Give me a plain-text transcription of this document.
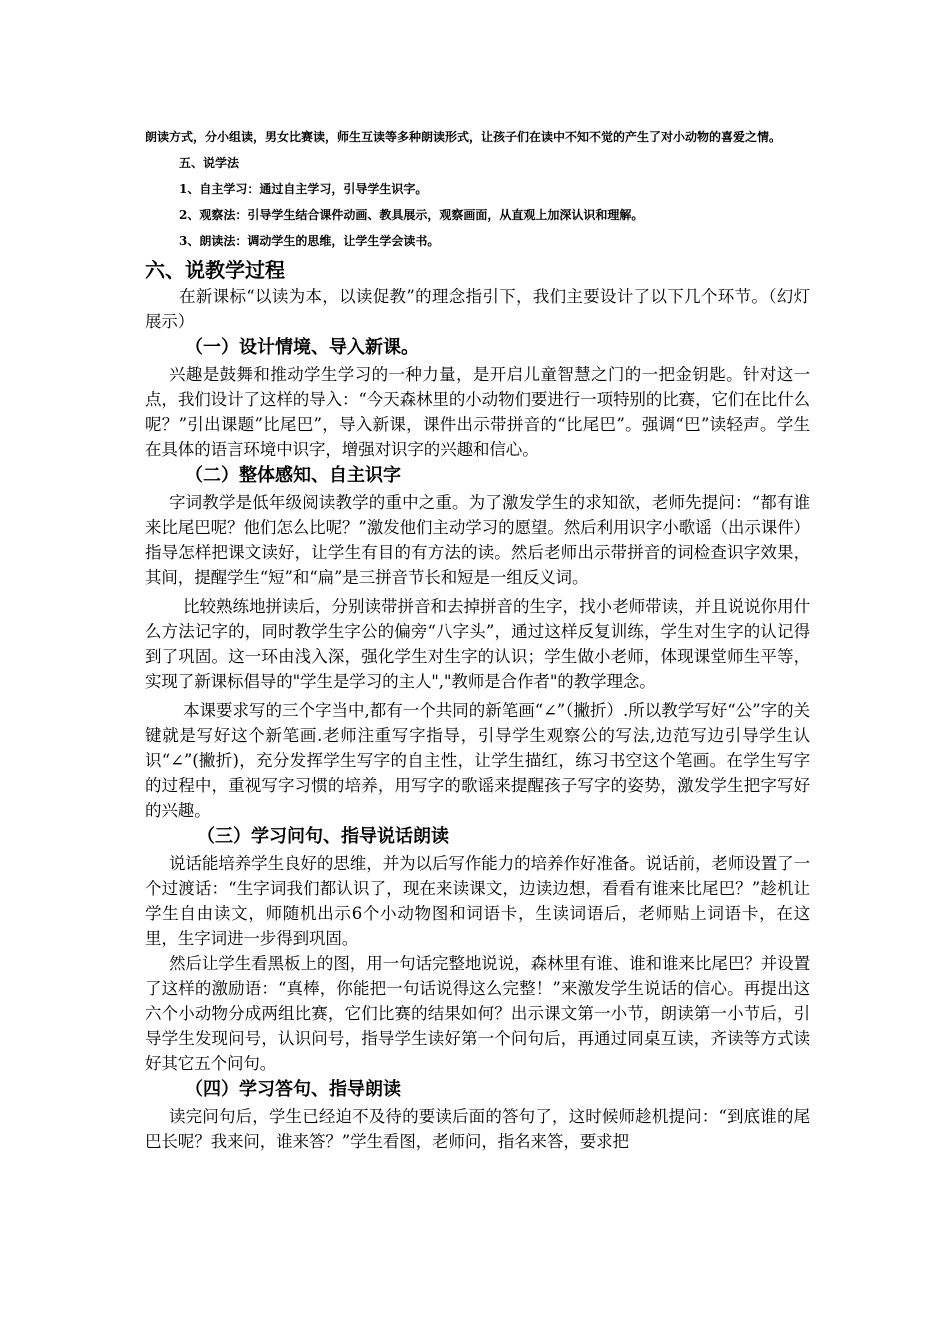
朗读方式，分小组读，男女比赛读，师生互读等多种朗读形式，让孩子们在读中不知不觉的产生了对小动物的喜爱之情。

五、说学法

1、自主学习：通过自主学习，引导学生识字。

2、观察法：引导学生结合课件动画、教具展示，观察画面，从直观上加深认识和理解。

3、朗读法：调动学生的思维，让学生学会读书。

六、说教学过程

在新课标“以读为本，以读促教”的理念指引下，我们主要设计了以下几个环节。（幻灯展示）

（一）设计情境、导入新课。

兴趣是鼓舞和推动学生学习的一种力量，是开启儿童智慧之门的一把金钥匙。针对这一点，我们设计了这样的导入：“今天森林里的小动物们要进行一项特别的比赛，它们在比什么呢？”引出课题”比尾巴”，导入新课，课件出示带拼音的“比尾巴”。强调“巴”读轻声。学生在具体的语言环境中识字，增强对识字的兴趣和信心。

（二）整体感知、自主识字

字词教学是低年级阅读教学的重中之重。为了激发学生的求知欲，老师先提问：“都有谁来比尾巴呢？他们怎么比呢？”激发他们主动学习的愿望。然后利用识字小歌谣（出示课件）指导怎样把课文读好，让学生有目的有方法的读。然后老师出示带拼音的词检查识字效果，其间，提醒学生“短”和“扁”是三拼音节长和短是一组反义词。

比较熟练地拼读后，分别读带拼音和去掉拼音的生字，找小老师带读，并且说说你用什么方法记字的，同时教学生字公的偏旁“八字头”，通过这样反复训练，学生对生字的认记得到了巩固。这一环由浅入深，强化学生对生字的认识；学生做小老师，体现课堂师生平等，实现了新课标倡导的"学生是学习的主人","教师是合作者"的教学理念。

本课要求写的三个字当中,都有一个共同的新笔画“∠”（撇折）.所以教学写好“公”字的关键就是写好这个新笔画.老师注重写字指导，引导学生观察公的写法,边范写边引导学生认识“∠”(撇折)，充分发挥学生写字的自主性，让学生描红，练习书空这个笔画。在学生写字的过程中，重视写字习惯的培养，用写字的歌谣来提醒孩子写字的姿势，激发学生把字写好的兴趣。

（三）学习问句、指导说话朗读

说话能培养学生良好的思维，并为以后写作能力的培养作好准备。说话前，老师设置了一个过渡话：“生字词我们都认识了，现在来读课文，边读边想，看看有谁来比尾巴？”趁机让学生自由读文，师随机出示6个小动物图和词语卡，生读词语后，老师贴上词语卡，在这里，生字词进一步得到巩固。

然后让学生看黑板上的图，用一句话完整地说说，森林里有谁、谁和谁来比尾巴？并设置了这样的激励语：“真棒，你能把一句话说得这么完整！”来激发学生说话的信心。再提出这六个小动物分成两组比赛，它们比赛的结果如何？出示课文第一小节，朗读第一小节后，引导学生发现问号，认识问号，指导学生读好第一个问句后，再通过同桌互读，齐读等方式读好其它五个问句。

（四）学习答句、指导朗读

读完问句后，学生已经迫不及待的要读后面的答句了，这时候师趁机提问：“到底谁的尾巴长呢？我来问，谁来答？”学生看图，老师问，指名来答，要求把
